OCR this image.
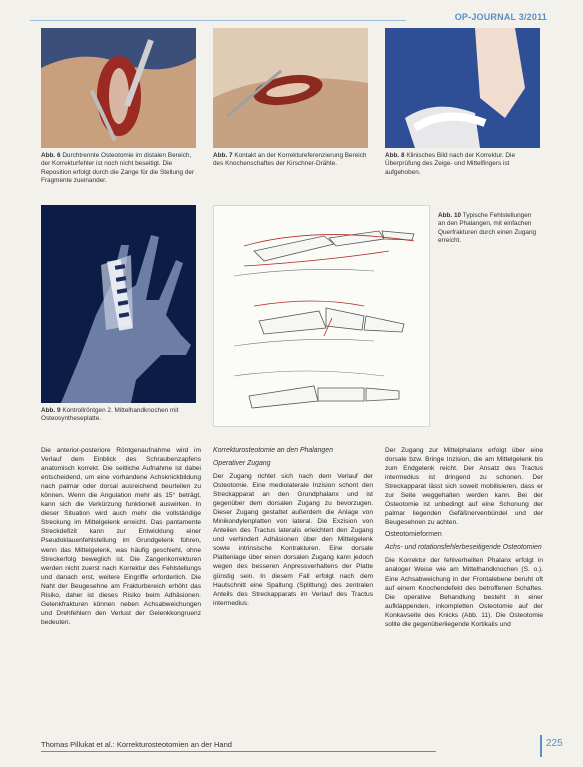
OP-JOURNAL 3/2011
Abb. 6 Durchtrennte Osteotomie im distalen Bereich, der Korrekturfehler ist noch nicht beseitigt. Die Reposition erfolgt durch die Zange für die Stellung der Fragmente zueinander.
Abb. 7 Kontakt an der Korrektureferenzierung Bereich des Knochenschaftes der Kirschner-Drähte.
Abb. 8 Klinisches Bild nach der Korrektur. Die Überprüfung des Zeige- und Mittelfingers ist aufgehoben.
Abb. 9 Kontrollröntgen 2. Mittelhandknochen mit Osteosyntheseplatte.
Abb. 10 Typische Fehlstellungen an den Phalangen, mit einfachen Querfrakturen durch einen Zugang erreicht.

Die anterior-posteriore Röntgenaufnahme wird im Verlauf dem Einblick des Schraubenzapfens anatomisch korrekt. Die seitliche Aufnahme ist dabei entscheidend, um eine vorhandene Achsknickbildung nach palmar oder dorsal ausreichend beurteilen zu können. Wenn die Angulation mehr als 15° beträgt, kann sich die Verkürzung funktionell auswirken. In dieser Situation wird auch mehr die vollständige Streckung im Mittelgelenk erreicht. Das pantamente Streckdefizit kann zur Entwicklung einer Pseudoklauenfehlstellung im Grundgelenk führen, wenn das Mittelgelenk, was häufig geschieht, ohne Streckerfolg beweglich ist. Die Zangenkorrekturen werden nicht zuerst nach Korrektur des Fehlstellungs und danach erst, weitere Eingriffe erforderlich. Die Naht der Beugesehne am Frakturbereich erhöht das Risiko, daher ist dieses Risiko beim Adhäsionen. Gelenkfrakturen können neben Achsabweichungen und Drehfehlern den Verlust der Gelenkkongruenz bedeuten.

Korrekturosteotomie an den Phalangen
Operativer Zugang

Der Zugang richtet sich nach dem Verlauf der Osteotomie. Eine mediolaterale Inzision schont den Streckapparat an den Grundphalanx und ist gegenüber dem dorsalen Zugang zu bevorzugen. Dieser Zugang gestattet außerdem die Anlage von Minikondylenplatten von lateral. Die Exzision von Anteilen des Tractus lateralis erleichtert den Zugang und verhindert Adhäsionen über den Mittelgelenk sowie intrinsische Kontrakturen. Eine dorsale Plattenlage über einen dorsalen Zugang kann jedoch wegen des besseren Anpressverhaltens der Platte günstig sein. In diesem Fall erfolgt nach dem Hautschnitt eine Spaltung (Splittung) des zentralen Anteils des Streckapparats im Verlauf des Tractus intermedius.

Der Zugang zur Mittelphalanx erfolgt über eine dorsale bzw. Bringe Inzision, die am Mittelgelenk bis zum Endgelenk reicht. Der Ansatz des Tractus intermedius ist dringend zu schonen. Der Streckapparat lässt sich soweit mobilisieren, dass er zur Seite weggehalten werden kann. Bei der Osteotomie ist unbedingt auf eine Schonung der palmar liegenden Gefäßnervenbündel und der Beugesehnen zu achten.

Osteotomieformen
Achs- und rotationsfehlerbeseitigende Osteotomien

Die Korrektur der fehlverheilten Phalanx erfolgt in analoger Weise wie am Mittelhandknochen (S. o.). Eine Achsabweichung in der Frontalebene beruht oft auf einem Knochendefekt des betroffenen Schaftes. Die operative Behandlung besteht in einer aufklappenden, inkompletten Osteotomie auf der Konkavseite des Knicks (Abb. 11). Die Osteotomie sollte die gegenüberliegende Kortikalis und

Thomas Pillukat et al.: Korrekturosteotomien an der Hand	225
